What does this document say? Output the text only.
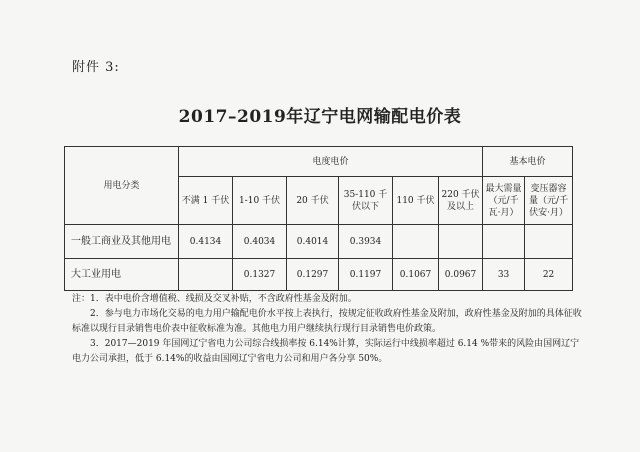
附件 3:
2017–2019年辽宁电网输配电价表
用电分类	电度电价						基本电价	
	不满 1 千伏	1-10 千伏	20 千伏	35-110 千伏以下	110 千伏	220 千伏及以上	最大需量（元/千瓦·月）	变压器容量（元/千伏安·月）
一般工商业及其他用电	0.4134	0.4034	0.4014	0.3934				
大工业用电		0.1327	0.1297	0.1197	0.1067	0.0967	33	22

注：1．表中电价含增值税、线损及交叉补贴，不含政府性基金及附加。

2．参与电力市场化交易的电力用户输配电价水平按上表执行，按规定征收政府性基金及附加，政府性基金及附加的具体征收标准以现行目录销售电价表中征收标准为准。其他电力用户继续执行现行目录销售电价政策。

3．2017—2019 年国网辽宁省电力公司综合线损率按 6.14%计算，实际运行中线损率超过 6.14 %带来的风险由国网辽宁电力公司承担，低于 6.14%的收益由国网辽宁省电力公司和用户各分享 50%。
